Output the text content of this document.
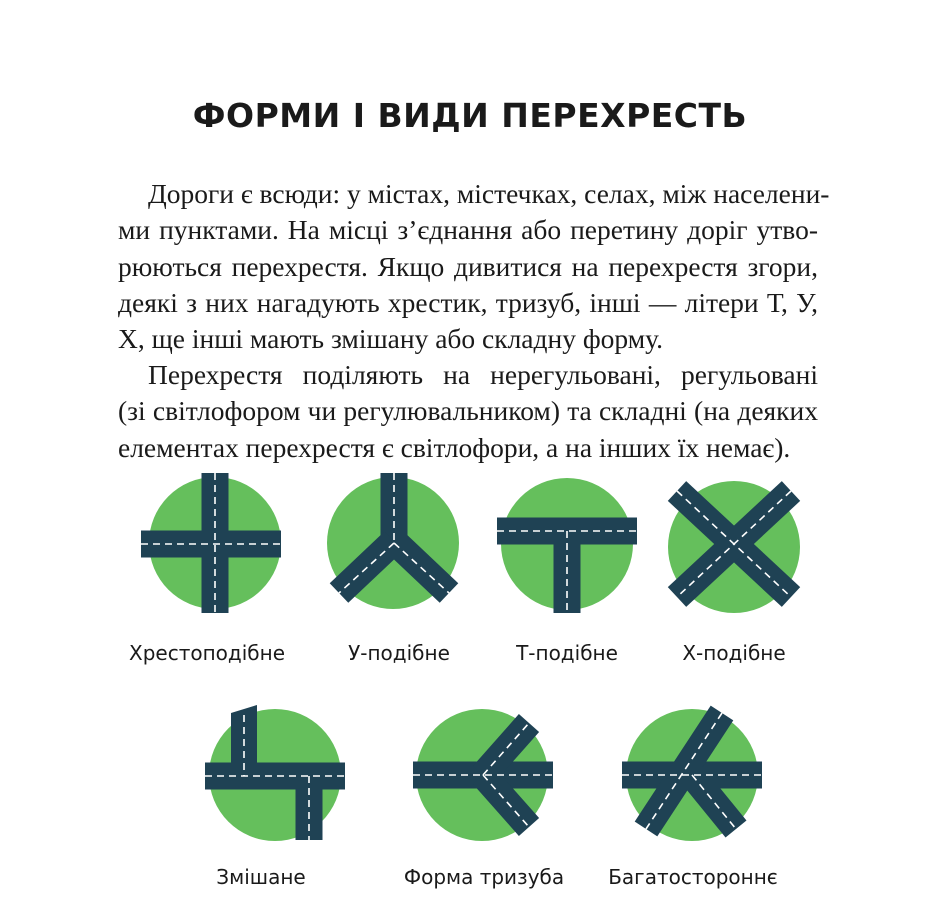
ФОРМИ І ВИДИ ПЕРЕХРЕСТЬ

Дороги є всюди: у містах, містечках, селах, між населени-
ми пунктами. На місці з’єднання або перетину доріг утво-
рюються перехрестя. Якщо дивитися на перехрестя згори,
деякі з них нагадують хрестик, тризуб, інші — літери Т, У,
Х, ще інші мають змішану або складну форму.

Перехрестя поділяють на нерегульовані, регульовані
(зі світлофором чи регулювальником) та складні (на деяких
елементах перехрестя є світлофори, а на інших їх немає).

Хрестоподібне	У-подібне	Т-подібне	Х-подібне
Змішане	Форма тризуба	Багатостороннє
